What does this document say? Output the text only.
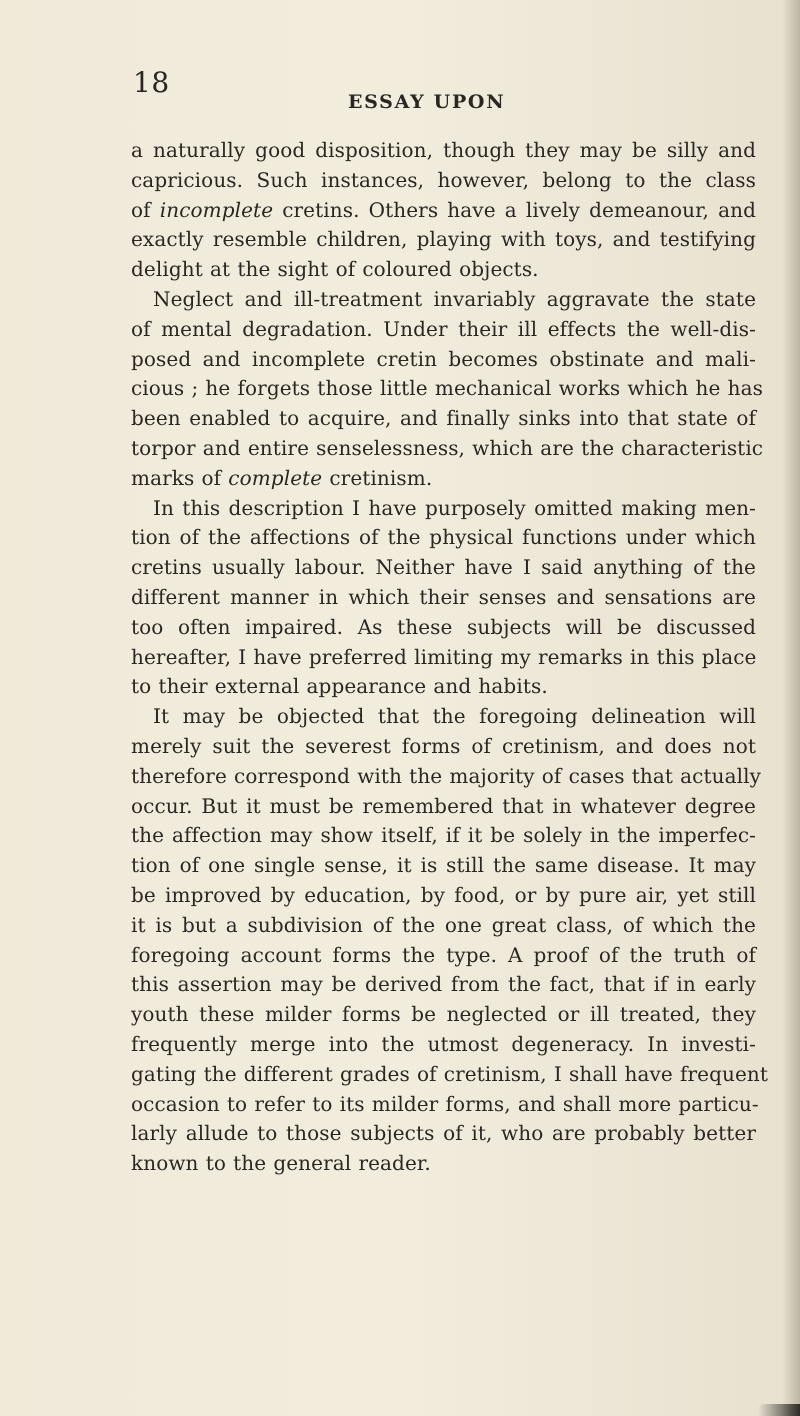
18
ESSAY UPON
a naturally good disposition, though they may be silly and
capricious. Such instances, however, belong to the class
of incomplete cretins. Others have a lively demeanour, and
exactly resemble children, playing with toys, and testifying
delight at the sight of coloured objects.
Neglect and ill-treatment invariably aggravate the state
of mental degradation. Under their ill effects the well-dis-
posed and incomplete cretin becomes obstinate and mali-
cious ; he forgets those little mechanical works which he has
been enabled to acquire, and finally sinks into that state of
torpor and entire senselessness, which are the characteristic
marks of complete cretinism.
In this description I have purposely omitted making men-
tion of the affections of the physical functions under which
cretins usually labour. Neither have I said anything of the
different manner in which their senses and sensations are
too often impaired. As these subjects will be discussed
hereafter, I have preferred limiting my remarks in this place
to their external appearance and habits.
It may be objected that the foregoing delineation will
merely suit the severest forms of cretinism, and does not
therefore correspond with the majority of cases that actually
occur. But it must be remembered that in whatever degree
the affection may show itself, if it be solely in the imperfec-
tion of one single sense, it is still the same disease. It may
be improved by education, by food, or by pure air, yet still
it is but a subdivision of the one great class, of which the
foregoing account forms the type. A proof of the truth of
this assertion may be derived from the fact, that if in early
youth these milder forms be neglected or ill treated, they
frequently merge into the utmost degeneracy. In investi-
gating the different grades of cretinism, I shall have frequent
occasion to refer to its milder forms, and shall more particu-
larly allude to those subjects of it, who are probably better
known to the general reader.
